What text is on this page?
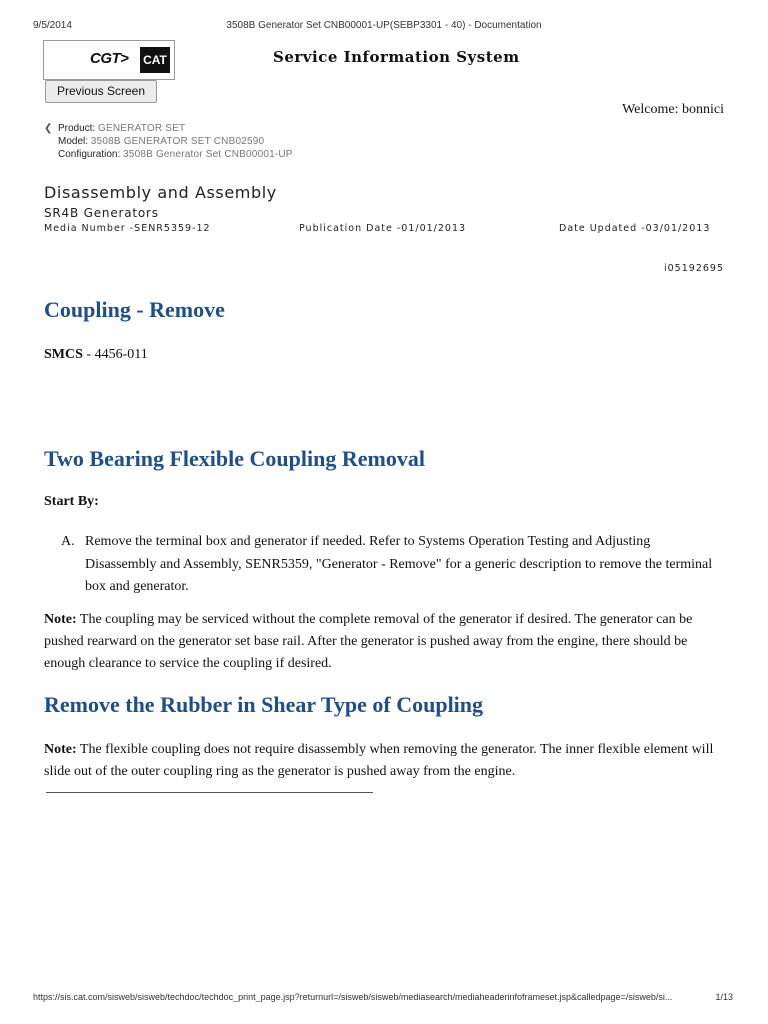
9/5/2014	3508B Generator Set CNB00001-UP(SEBP3301 - 40) - Documentation
CGT> CAT	Service Information System
Previous Screen
Welcome: bonnici
❮ Product: GENERATOR SET
Model: 3508B GENERATOR SET CNB02590
Configuration: 3508B Generator Set CNB00001-UP
Disassembly and Assembly
SR4B Generators
Media Number -SENR5359-12	Publication Date -01/01/2013	Date Updated -03/01/2013
i05192695
Coupling - Remove
SMCS - 4456-011
Two Bearing Flexible Coupling Removal
Start By:
A. Remove the terminal box and generator if needed. Refer to Systems Operation Testing and Adjusting Disassembly and Assembly, SENR5359, "Generator - Remove" for a generic description to remove the terminal box and generator.
Note: The coupling may be serviced without the complete removal of the generator if desired. The generator can be pushed rearward on the generator set base rail. After the generator is pushed away from the engine, there should be enough clearance to service the coupling if desired.
Remove the Rubber in Shear Type of Coupling
Note: The flexible coupling does not require disassembly when removing the generator. The inner flexible element will slide out of the outer coupling ring as the generator is pushed away from the engine.
https://sis.cat.com/sisweb/sisweb/techdoc/techdoc_print_page.jsp?returnurl=/sisweb/sisweb/mediasearch/mediaheaderinfoframeset.jsp&calledpage=/sisweb/si...	1/13
